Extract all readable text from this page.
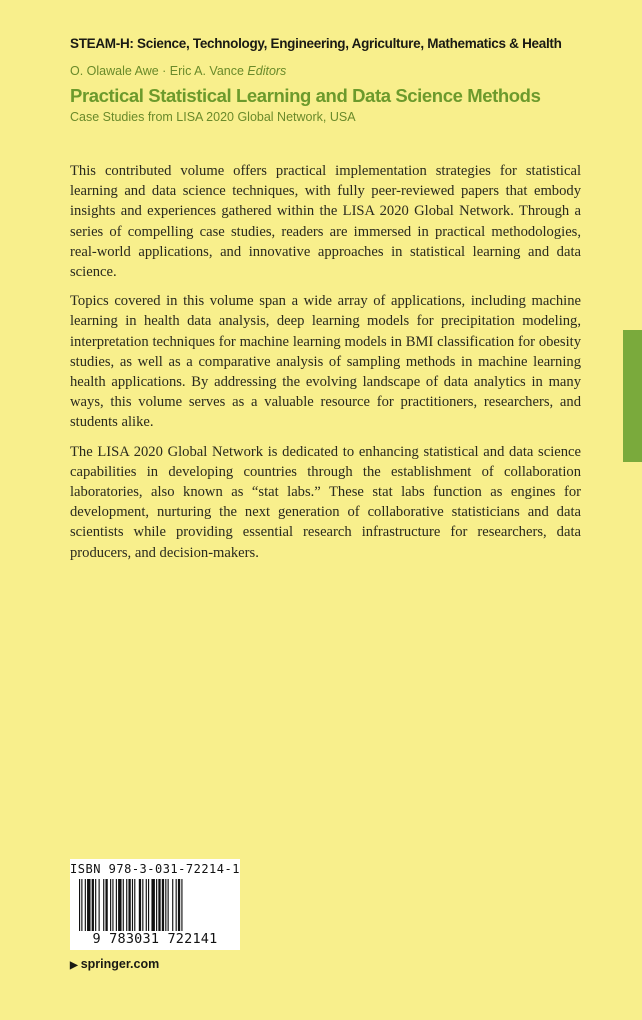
STEAM-H: Science, Technology, Engineering, Agriculture, Mathematics & Health
O. Olawale Awe · Eric A. Vance Editors
Practical Statistical Learning and Data Science Methods
Case Studies from LISA 2020 Global Network, USA

This contributed volume offers practical implementation strategies for statistical learning and data science techniques, with fully peer-reviewed papers that embody insights and experiences gathered within the LISA 2020 Global Network. Through a series of compelling case studies, readers are immersed in practical methodologies, real-world applications, and innovative approaches in statistical learning and data science.

Topics covered in this volume span a wide array of applications, including machine learning in health data analysis, deep learning models for precipitation modeling, interpretation techniques for machine learning models in BMI classification for obesity studies, as well as a comparative analysis of sampling methods in machine learning health applications. By addressing the evolving landscape of data analytics in many ways, this volume serves as a valuable resource for practitioners, researchers, and students alike.

The LISA 2020 Global Network is dedicated to enhancing statistical and data science capabilities in developing countries through the establishment of collaboration laboratories, also known as “stat labs.” These stat labs function as engines for development, nurturing the next generation of collaborative statisticians and data scientists while providing essential research infrastructure for researchers, data producers, and decision-makers.

ISBN 978-3-031-72214-1
9 783031 722141
▶ springer.com
